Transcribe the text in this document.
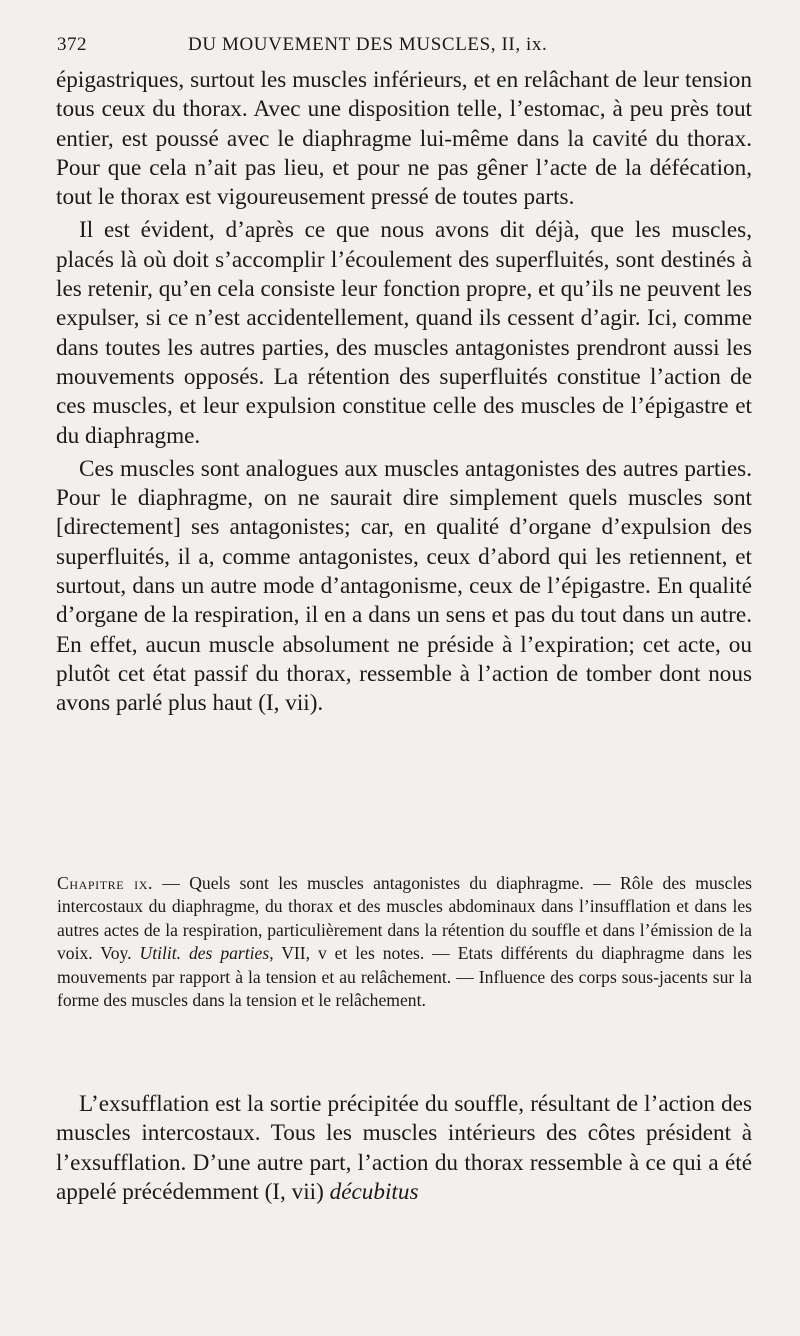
372	DU MOUVEMENT DES MUSCLES, II, ix.

épigastriques, surtout les muscles inférieurs, et en relâchant de leur tension tous ceux du thorax. Avec une disposition telle, l’estomac, à peu près tout entier, est poussé avec le diaphragme lui-même dans la cavité du thorax. Pour que cela n’ait pas lieu, et pour ne pas gêner l’acte de la défécation, tout le thorax est vigoureusement pressé de toutes parts.

Il est évident, d’après ce que nous avons dit déjà, que les muscles, placés là où doit s’accomplir l’écoulement des superfluités, sont destinés à les retenir, qu’en cela consiste leur fonction propre, et qu’ils ne peuvent les expulser, si ce n’est accidentellement, quand ils cessent d’agir. Ici, comme dans toutes les autres parties, des muscles antagonistes prendront aussi les mouvements opposés. La rétention des superfluités constitue l’action de ces muscles, et leur expulsion constitue celle des muscles de l’épigastre et du diaphragme.

Ces muscles sont analogues aux muscles antagonistes des autres parties. Pour le diaphragme, on ne saurait dire simplement quels muscles sont [directement] ses antagonistes; car, en qualité d’organe d’expulsion des superfluités, il a, comme antagonistes, ceux d’abord qui les retiennent, et surtout, dans un autre mode d’antagonisme, ceux de l’épigastre. En qualité d’organe de la respiration, il en a dans un sens et pas du tout dans un autre. En effet, aucun muscle absolument ne préside à l’expiration; cet acte, ou plutôt cet état passif du thorax, ressemble à l’action de tomber dont nous avons parlé plus haut (I, vii).

Chapitre ix. — Quels sont les muscles antagonistes du diaphragme. — Rôle des muscles intercostaux du diaphragme, du thorax et des muscles abdominaux dans l’insufflation et dans les autres actes de la respiration, particulièrement dans la rétention du souffle et dans l’émission de la voix. Voy. Utilit. des parties, VII, v et les notes. — Etats différents du diaphragme dans les mouvements par rapport à la tension et au relâchement. — Influence des corps sous-jacents sur la forme des muscles dans la tension et le relâchement.

L’exsufflation est la sortie précipitée du souffle, résultant de l’action des muscles intercostaux. Tous les muscles intérieurs des côtes président à l’exsufflation. D’une autre part, l’action du thorax ressemble à ce qui a été appelé précédemment (I, vii) décubitus
